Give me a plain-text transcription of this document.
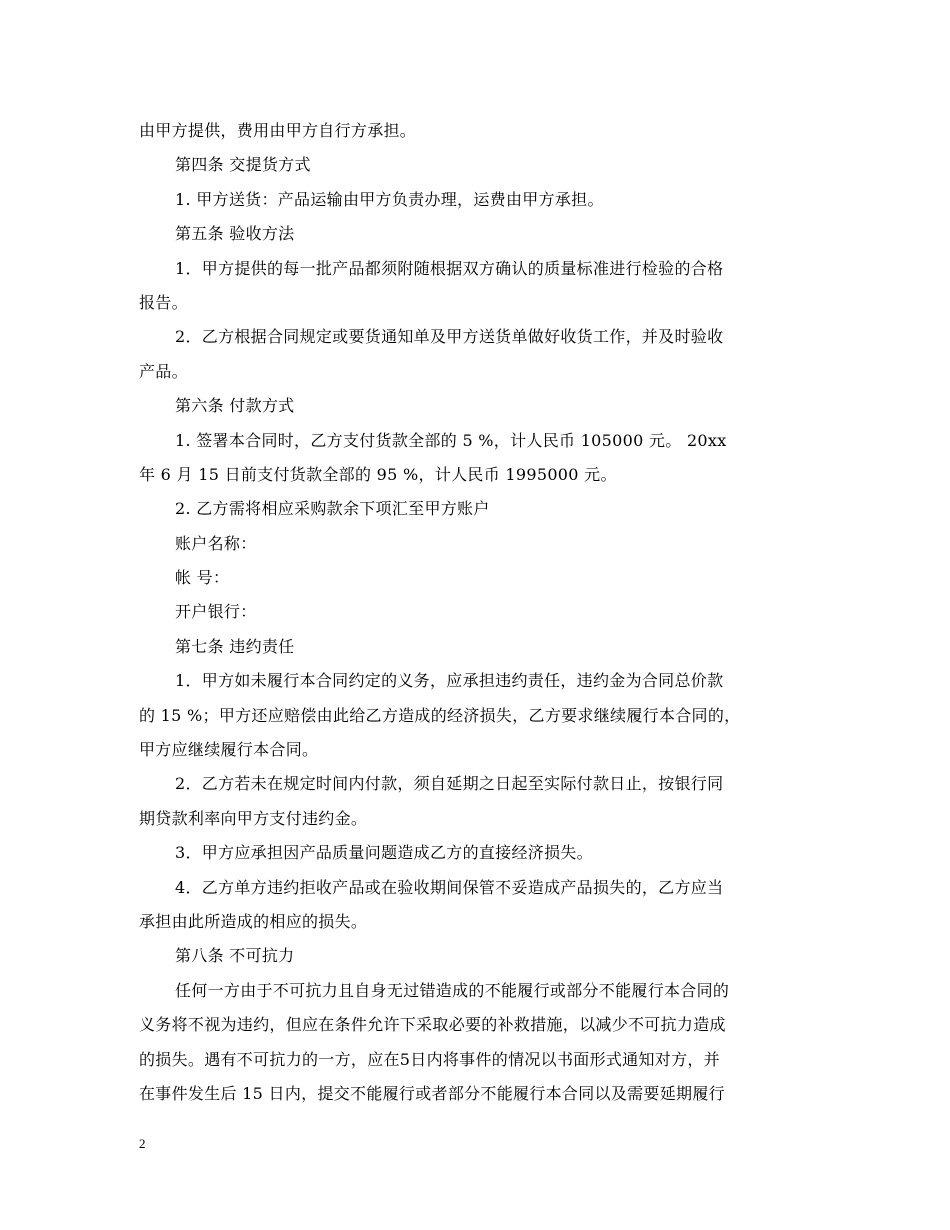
由甲方提供，费用由甲方自行方承担。
第四条 交提货方式
1. 甲方送货：产品运输由甲方负责办理，运费由甲方承担。
第五条 验收方法
1．甲方提供的每一批产品都须附随根据双方确认的质量标准进行检验的合格
报告。
2．乙方根据合同规定或要货通知单及甲方送货单做好收货工作，并及时验收
产品。
第六条 付款方式
1. 签署本合同时，乙方支付货款全部的 5 %，计人民币 105000 元。 20xx
年 6 月 15 日前支付货款全部的 95 %，计人民币 1995000 元。
2. 乙方需将相应采购款余下项汇至甲方账户
账户名称：
帐 号：
开户银行：
第七条 违约责任
1．甲方如未履行本合同约定的义务，应承担违约责任，违约金为合同总价款
的 15 %；甲方还应赔偿由此给乙方造成的经济损失，乙方要求继续履行本合同的，
甲方应继续履行本合同。
2．乙方若未在规定时间内付款，须自延期之日起至实际付款日止，按银行同
期贷款利率向甲方支付违约金。
3．甲方应承担因产品质量问题造成乙方的直接经济损失。
4．乙方单方违约拒收产品或在验收期间保管不妥造成产品损失的，乙方应当
承担由此所造成的相应的损失。
第八条 不可抗力
任何一方由于不可抗力且自身无过错造成的不能履行或部分不能履行本合同的
义务将不视为违约，但应在条件允许下采取必要的补救措施，以减少不可抗力造成
的损失。遇有不可抗力的一方，应在5日内将事件的情况以书面形式通知对方，并
在事件发生后 15 日内，提交不能履行或者部分不能履行本合同以及需要延期履行
2
